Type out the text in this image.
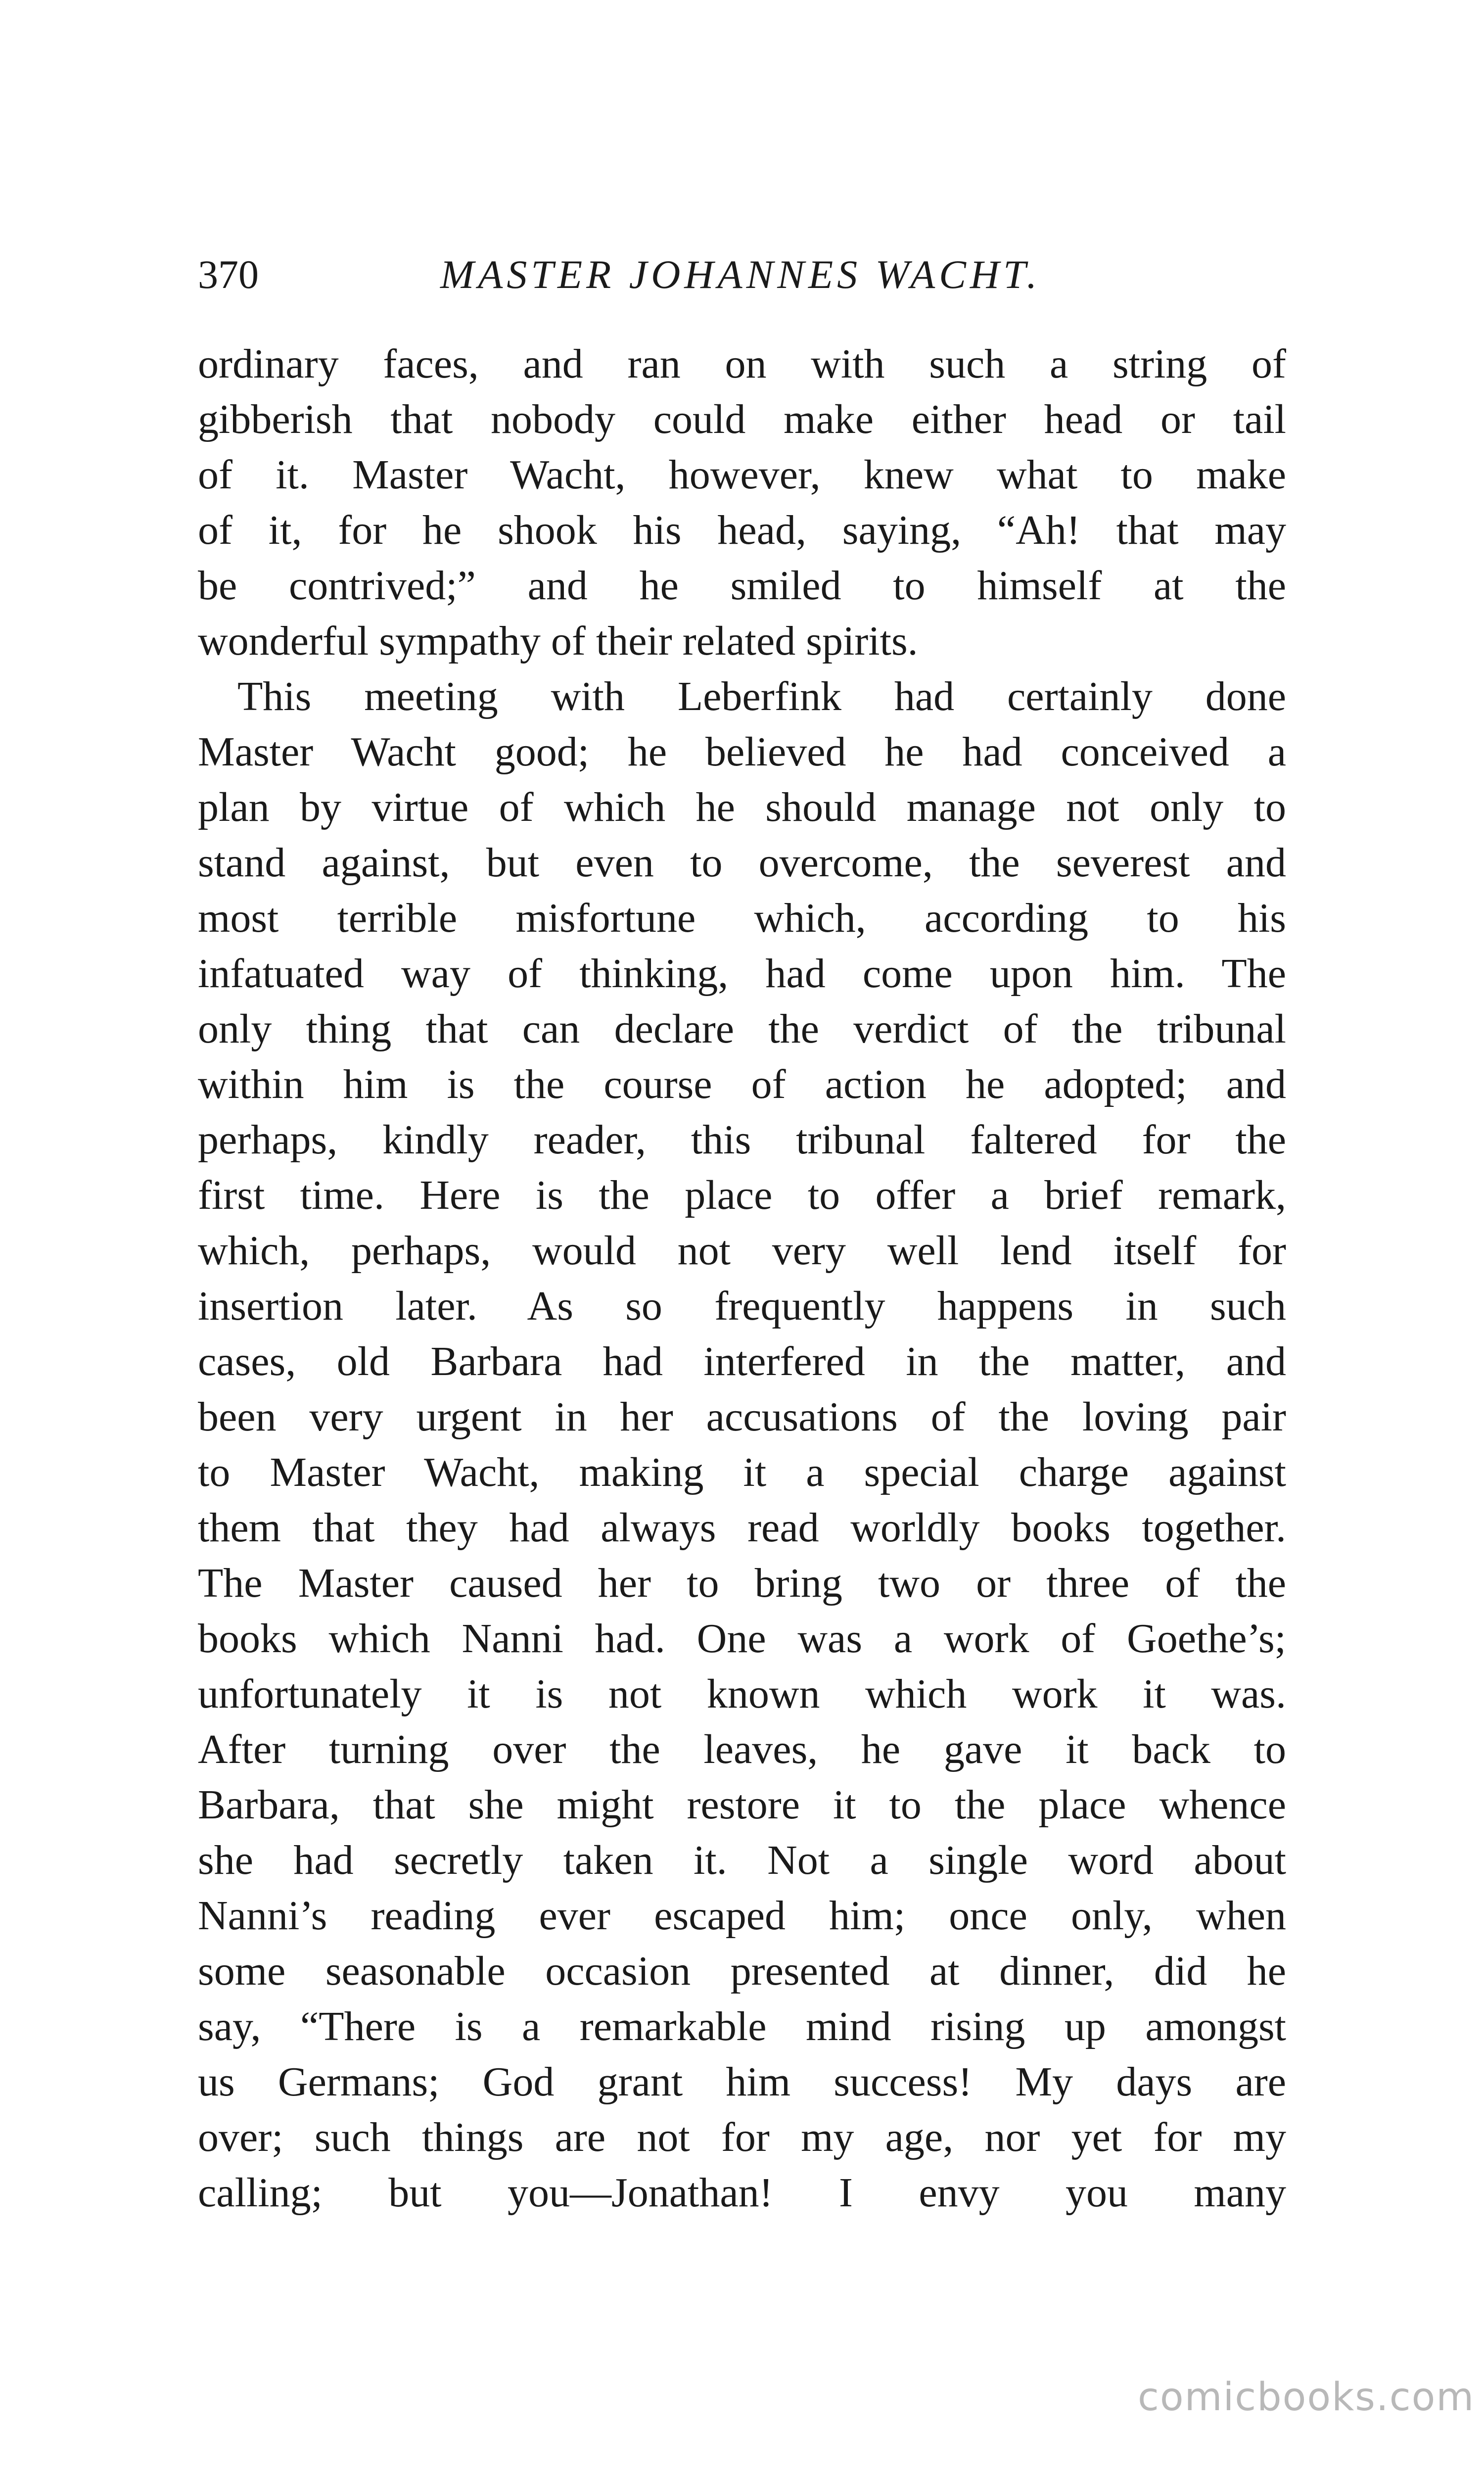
370	MASTER JOHANNES WACHT.
ordinary faces, and ran on with such a string of
gibberish that nobody could make either head or tail
of it. Master Wacht, however, knew what to make
of it, for he shook his head, saying, “Ah! that may
be contrived;” and he smiled to himself at the
wonderful sympathy of their related spirits.
This meeting with Leberfink had certainly done
Master Wacht good; he believed he had conceived a
plan by virtue of which he should manage not only to
stand against, but even to overcome, the severest and
most terrible misfortune which, according to his
infatuated way of thinking, had come upon him. The
only thing that can declare the verdict of the tribunal
within him is the course of action he adopted; and
perhaps, kindly reader, this tribunal faltered for the
first time. Here is the place to offer a brief remark,
which, perhaps, would not very well lend itself for
insertion later. As so frequently happens in such
cases, old Barbara had interfered in the matter, and
been very urgent in her accusations of the loving pair
to Master Wacht, making it a special charge against
them that they had always read worldly books together.
The Master caused her to bring two or three of the
books which Nanni had. One was a work of Goethe’s;
unfortunately it is not known which work it was.
After turning over the leaves, he gave it back to
Barbara, that she might restore it to the place whence
she had secretly taken it. Not a single word about
Nanni’s reading ever escaped him; once only, when
some seasonable occasion presented at dinner, did he
say, “There is a remarkable mind rising up amongst
us Germans; God grant him success! My days are
over; such things are not for my age, nor yet for my
calling; but you—Jonathan! I envy you many
comicbooks.com
